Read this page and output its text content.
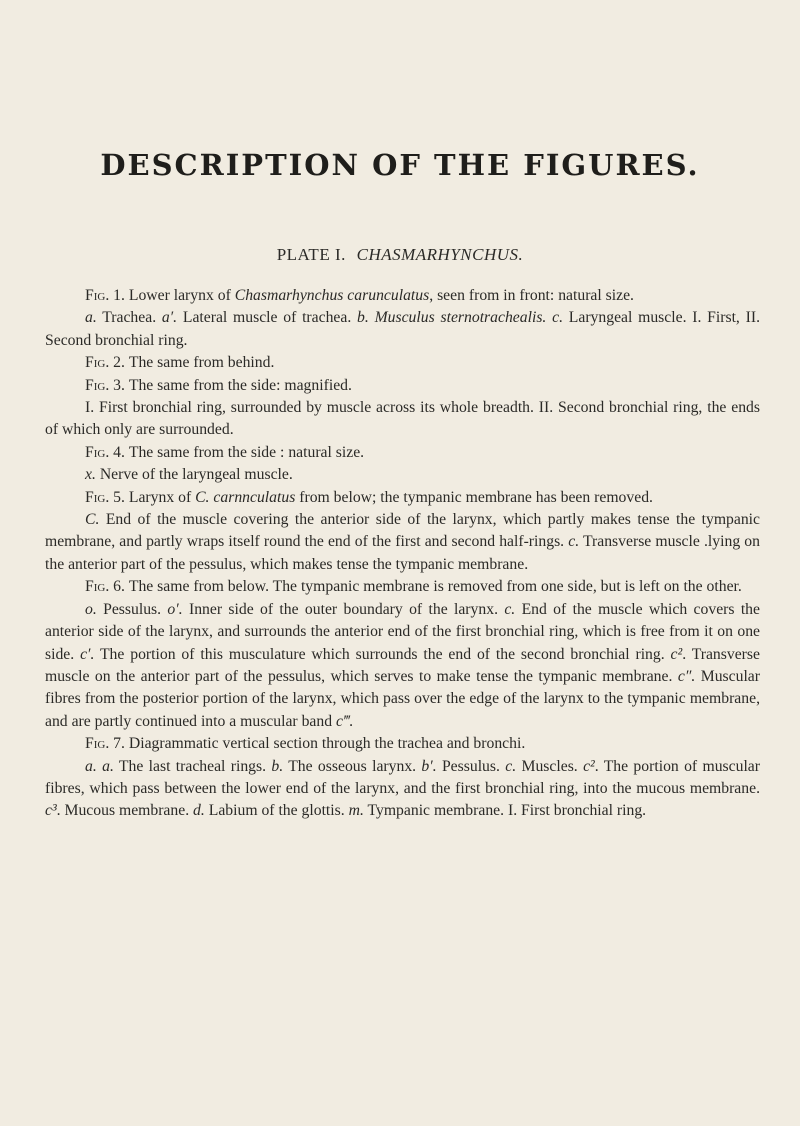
DESCRIPTION OF THE FIGURES.
PLATE I. CHASMARHYNCHUS.

Fig. 1. Lower larynx of Chasmarhynchus carunculatus, seen from in front: natural size.

a. Trachea. a′. Lateral muscle of trachea. b. Musculus sternotrachealis. c. Laryngeal muscle. I. First, II. Second bronchial ring.

Fig. 2. The same from behind.

Fig. 3. The same from the side: magnified.

I. First bronchial ring, surrounded by muscle across its whole breadth. II. Second bronchial ring, the ends of which only are surrounded.

Fig. 4. The same from the side : natural size.

x. Nerve of the laryngeal muscle.

Fig. 5. Larynx of C. carnnculatus from below; the tympanic membrane has been removed.

C. End of the muscle covering the anterior side of the larynx, which partly makes tense the tympanic membrane, and partly wraps itself round the end of the first and second half-rings. c. Transverse muscle .lying on the anterior part of the pessulus, which makes tense the tympanic membrane.

Fig. 6. The same from below. The tympanic membrane is removed from one side, but is left on the other.

o. Pessulus. o′. Inner side of the outer boundary of the larynx. c. End of the muscle which covers the anterior side of the larynx, and surrounds the anterior end of the first bronchial ring, which is free from it on one side. c′. The portion of this musculature which surrounds the end of the second bronchial ring. c². Transverse muscle on the anterior part of the pessulus, which serves to make tense the tympanic membrane. c″. Muscular fibres from the posterior portion of the larynx, which pass over the edge of the larynx to the tympanic membrane, and are partly continued into a muscular band c‴.

Fig. 7. Diagrammatic vertical section through the trachea and bronchi.

a. a. The last tracheal rings. b. The osseous larynx. b′. Pessulus. c. Muscles. c². The portion of muscular fibres, which pass between the lower end of the larynx, and the first bronchial ring, into the mucous membrane. c³. Mucous membrane. d. Labium of the glottis. m. Tympanic membrane. I. First bronchial ring.
